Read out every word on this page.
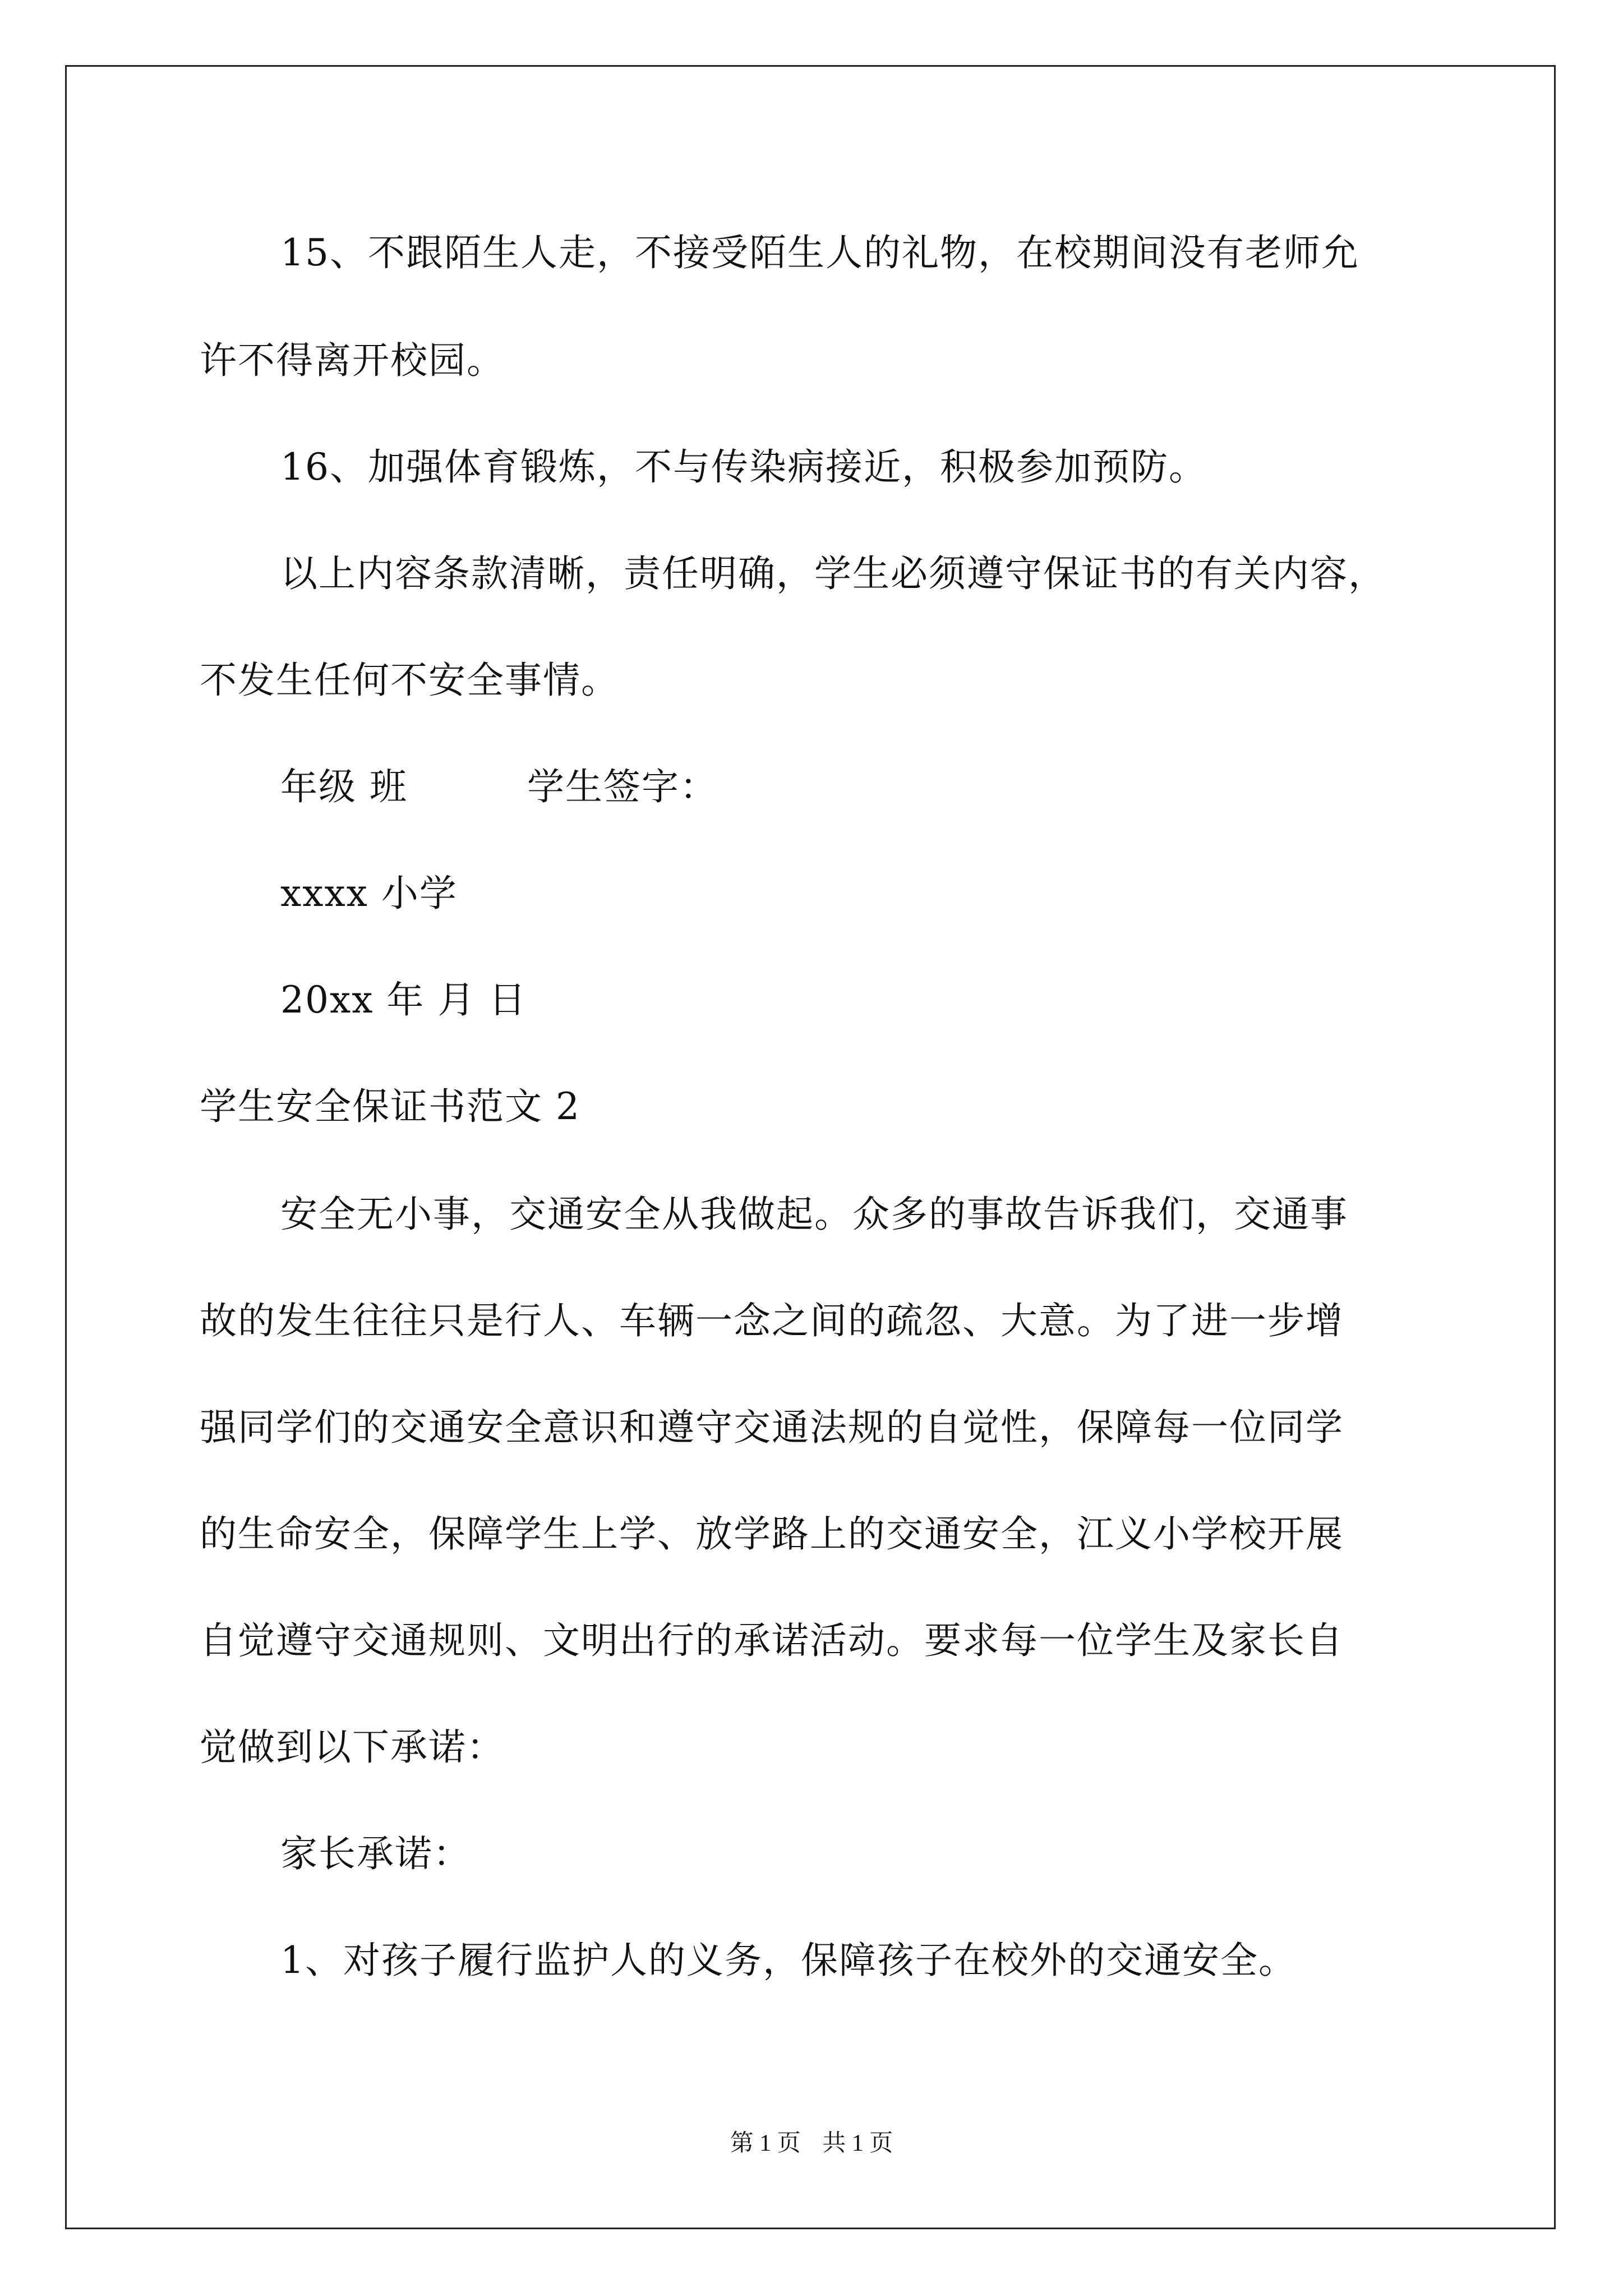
15、不跟陌生人走，不接受陌生人的礼物，在校期间没有老师允
许不得离开校园。
16、加强体育锻炼，不与传染病接近，积极参加预防。
以上内容条款清晰，责任明确，学生必须遵守保证书的有关内容，
不发生任何不安全事情。
年级 班	学生签字：
xxxx 小学
20xx 年 月 日
学生安全保证书范文 2
安全无小事，交通安全从我做起。众多的事故告诉我们，交通事
故的发生往往只是行人、车辆一念之间的疏忽、大意。为了进一步增
强同学们的交通安全意识和遵守交通法规的自觉性，保障每一位同学
的生命安全，保障学生上学、放学路上的交通安全，江义小学校开展
自觉遵守交通规则、文明出行的承诺活动。要求每一位学生及家长自
觉做到以下承诺：
家长承诺：
1、对孩子履行监护人的义务，保障孩子在校外的交通安全。
第 1 页 共 1 页
